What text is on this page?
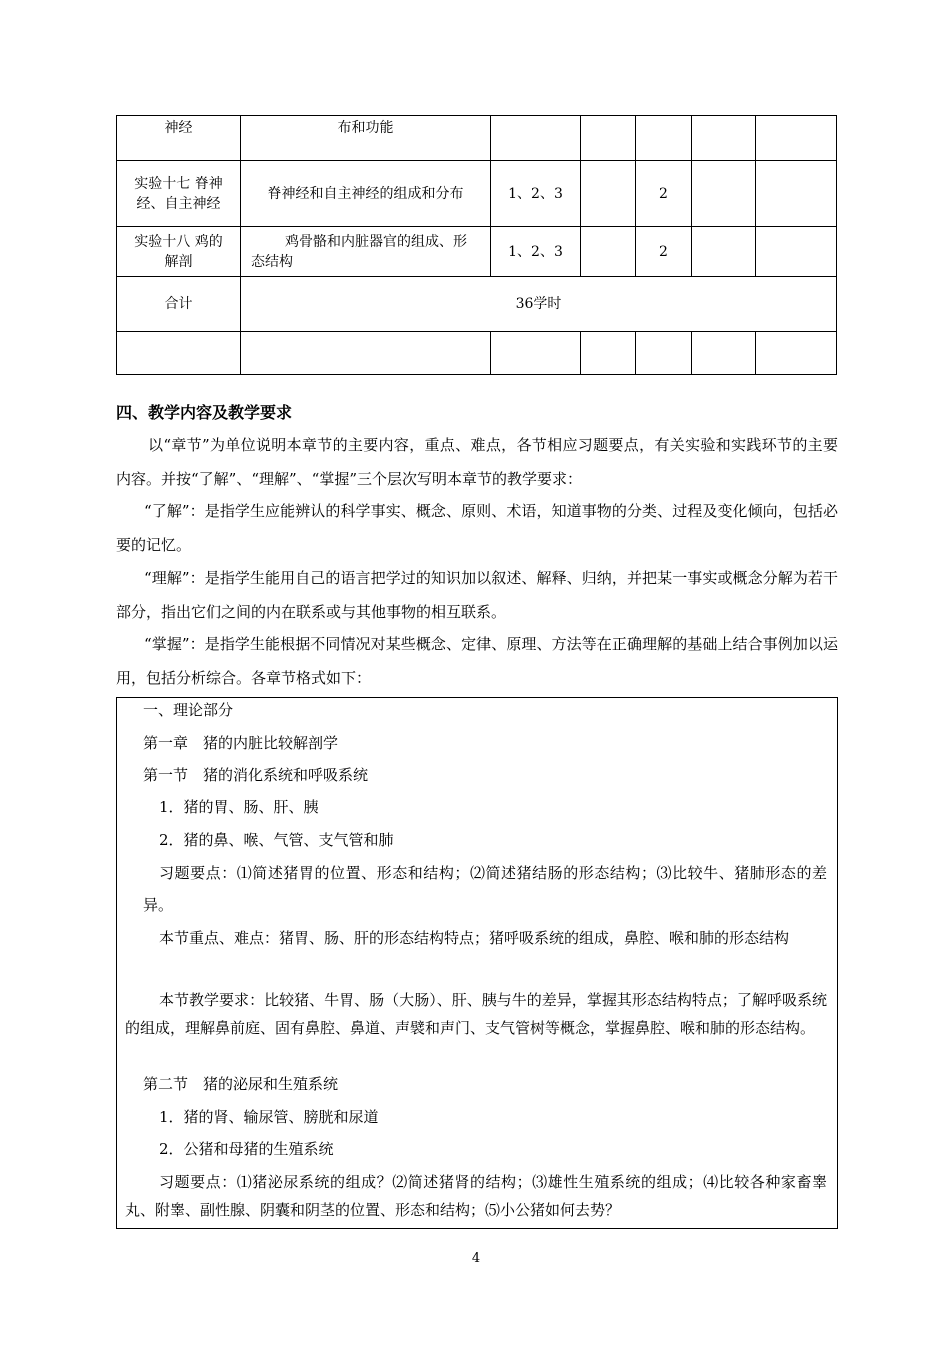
神经	布和功能					
实验十七 脊神经、自主神经	脊神经和自主神经的组成和分布	1、2、3		2		
实验十八 鸡的解剖	鸡骨骼和内脏器官的组成、形态结构	1、2、3		2		
合计	36学时					

四、教学内容及教学要求
以“章节”为单位说明本章节的主要内容，重点、难点，各节相应习题要点，有关实验和实践环节的主要内容。并按“了解”、“理解”、“掌握”三个层次写明本章节的教学要求：
“了解”：是指学生应能辨认的科学事实、概念、原则、术语，知道事物的分类、过程及变化倾向，包括必要的记忆。
“理解”：是指学生能用自己的语言把学过的知识加以叙述、解释、归纳，并把某一事实或概念分解为若干部分，指出它们之间的内在联系或与其他事物的相互联系。
“掌握”：是指学生能根据不同情况对某些概念、定律、原理、方法等在正确理解的基础上结合事例加以运用，包括分析综合。各章节格式如下：
一、理论部分
第一章　猪的内脏比较解剖学
第一节　猪的消化系统和呼吸系统
1．猪的胃、肠、肝、胰
2．猪的鼻、喉、气管、支气管和肺
习题要点：⑴简述猪胃的位置、形态和结构；⑵简述猪结肠的形态结构；⑶比较牛、猪肺形态的差异。
本节重点、难点：猪胃、肠、肝的形态结构特点；猪呼吸系统的组成，鼻腔、喉和肺的形态结构
本节教学要求：比较猪、牛胃、肠（大肠）、肝、胰与牛的差异，掌握其形态结构特点；了解呼吸系统的组成，理解鼻前庭、固有鼻腔、鼻道、声襞和声门、支气管树等概念，掌握鼻腔、喉和肺的形态结构。
第二节　猪的泌尿和生殖系统
1．猪的肾、输尿管、膀胱和尿道
2．公猪和母猪的生殖系统
习题要点：⑴猪泌尿系统的组成？⑵简述猪肾的结构；⑶雄性生殖系统的组成；⑷比较各种家畜睾丸、附睾、副性腺、阴囊和阴茎的位置、形态和结构；⑸小公猪如何去势？
4
